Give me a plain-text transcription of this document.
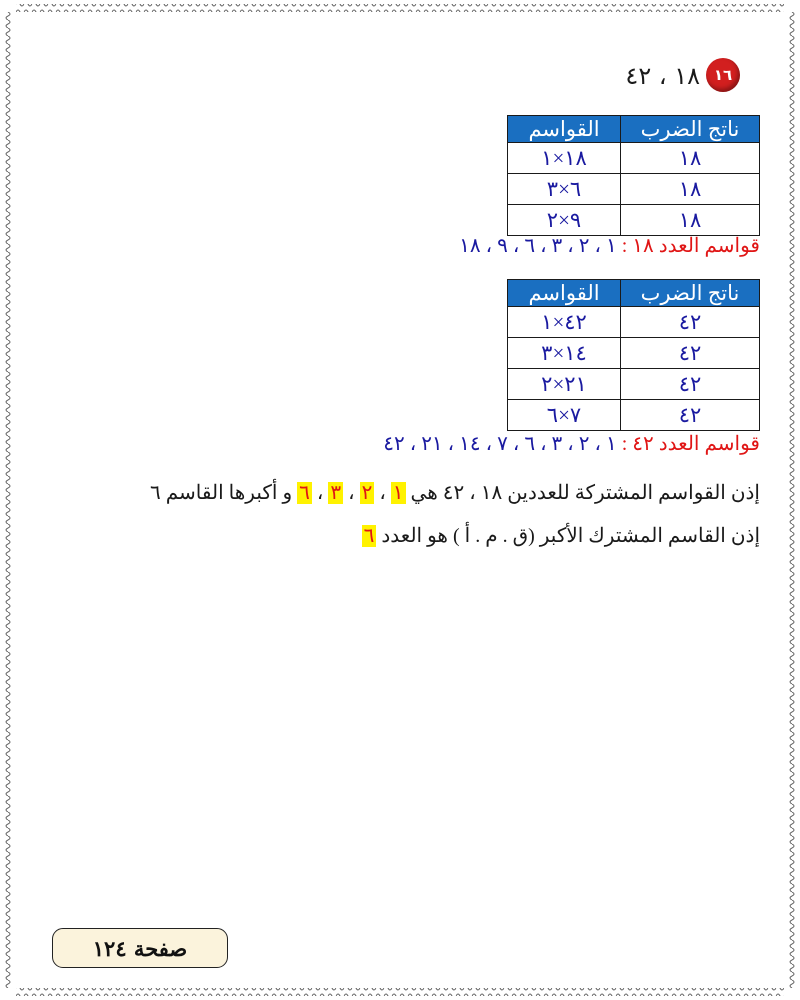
١٦
١٨ ، ٤٢
ناتج الضرب	القواسم
١٨	١٨×١
١٨	٦×٣
١٨	٩×٢
قواسم العدد ١٨ : ١ ، ٢ ، ٣ ، ٦ ، ٩ ، ١٨
ناتج الضرب	القواسم
٤٢	٤٢×١
٤٢	١٤×٣
٤٢	٢١×٢
٤٢	٧×٦
قواسم العدد ٤٢ : ١ ، ٢ ، ٣ ، ٦ ، ٧ ، ١٤ ، ٢١ ، ٤٢
إذن القواسم المشتركة للعددين ١٨ ، ٤٢ هي ١ ، ٢ ، ٣ ، ٦ و أكبرها القاسم ٦
إذن القاسم المشترك الأكبر (ق . م . أ ) هو العدد ٦
صفحة ١٢٤
